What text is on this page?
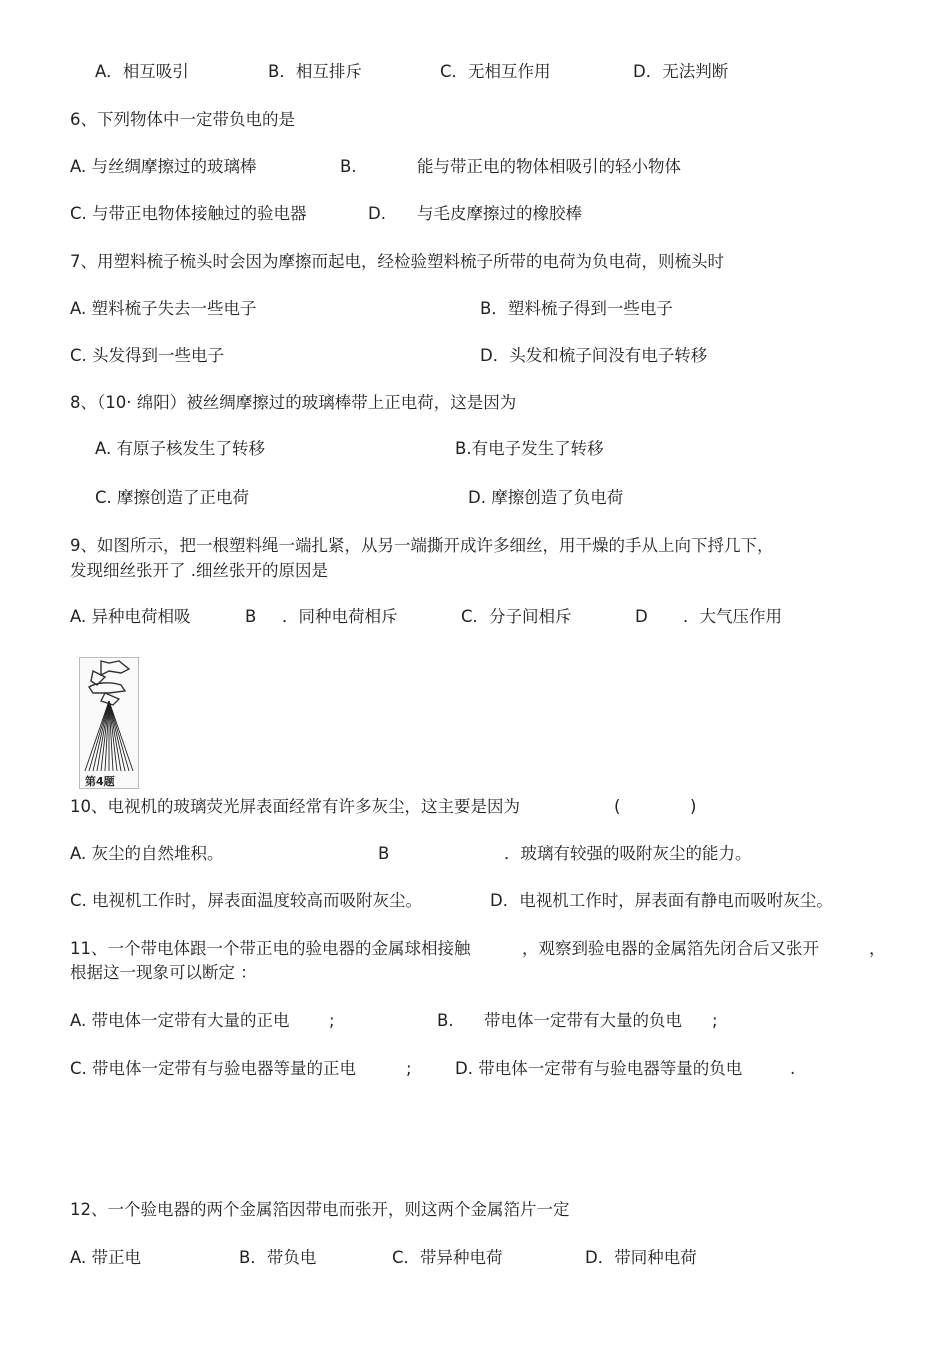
A．相互吸引	B．相互排斥	C．无相互作用	D．无法判断
6、下列物体中一定带负电的是
A. 与丝绸摩擦过的玻璃棒	B.	能与带正电的物体相吸引的轻小物体
C. 与带正电物体接触过的验电器	D. 与毛皮摩擦过的橡胶棒
7、用塑料梳子梳头时会因为摩擦而起电，经检验塑料梳子所带的电荷为负电荷，则梳头时
A. 塑料梳子失去一些电子	B．塑料梳子得到一些电子
C. 头发得到一些电子	D．头发和梳子间没有电子转移
8、（10· 绵阳）被丝绸摩擦过的玻璃棒带上正电荷，这是因为
A. 有原子核发生了转移	B.有电子发生了转移
C. 摩擦创造了正电荷	D. 摩擦创造了负电荷
9、如图所示，把一根塑料绳一端扎紧，从另一端撕开成许多细丝，用干燥的手从上向下捋几下，
发现细丝张开了 .细丝张开的原因是
A. 异种电荷相吸	B ．同种电荷相斥	C．分子间相斥	D ．大气压作用
第4题
10、电视机的玻璃荧光屏表面经常有许多灰尘，这主要是因为	(	)
A. 灰尘的自然堆积。	B	．玻璃有较强的吸附灰尘的能力。
C. 电视机工作时，屏表面温度较高而吸附灰尘。	D．电视机工作时，屏表面有静电而吸咐灰尘。
11、一个带电体跟一个带正电的验电器的金属球相接触	，观察到验电器的金属箔先闭合后又张开	，
根据这一现象可以断定 ：
A. 带电体一定带有大量的正电 ;	B. 带电体一定带有大量的负电 ;
C. 带电体一定带有与验电器等量的正电	;	D. 带电体一定带有与验电器等量的负电	.
12、一个验电器的两个金属箔因带电而张开，则这两个金属箔片一定
A. 带正电	B．带负电	C．带异种电荷	D．带同种电荷
